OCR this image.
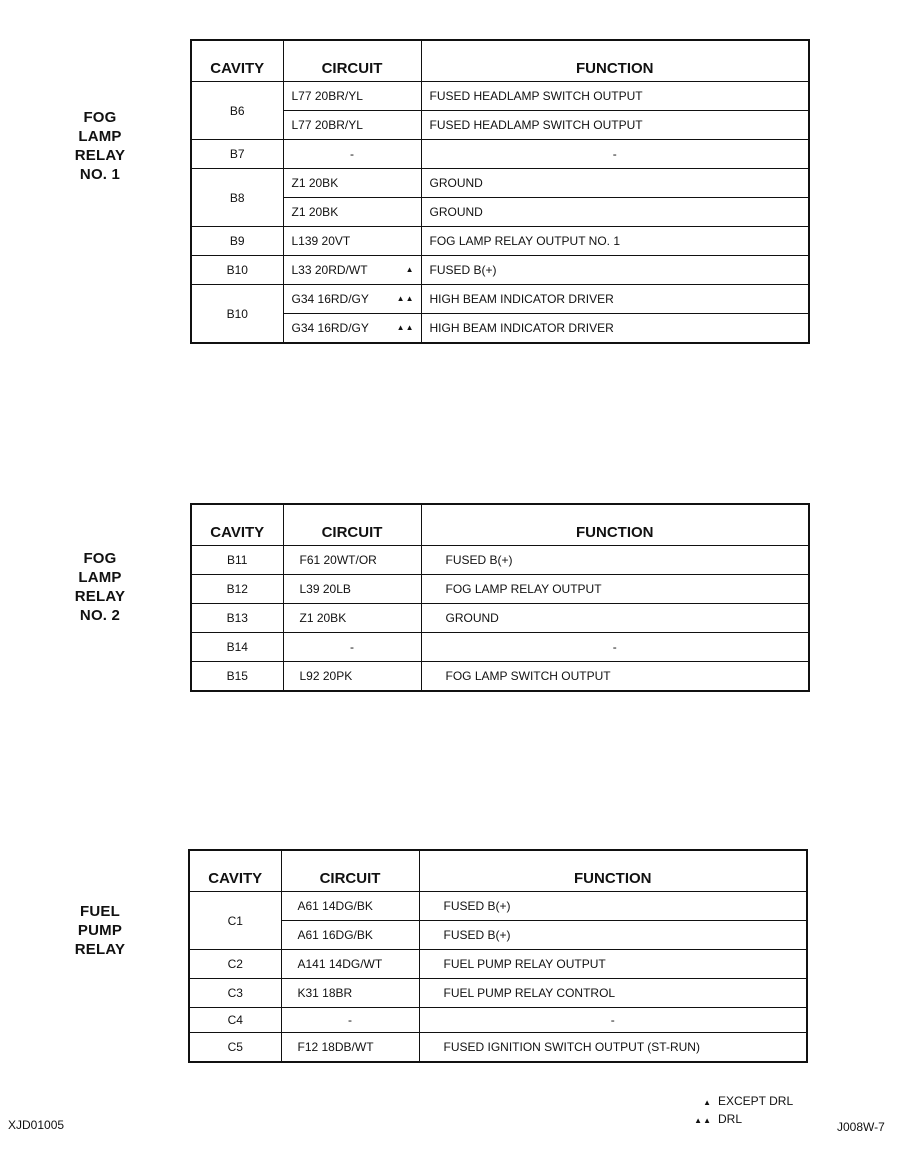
FOG
LAMP
RELAY
NO. 1
CAVITY	CIRCUIT	FUNCTION
B6	L77 20BR/YL	FUSED HEADLAMP SWITCH OUTPUT
	L77 20BR/YL	FUSED HEADLAMP SWITCH OUTPUT
B7	-	-
B8	Z1 20BK	GROUND
	Z1 20BK	GROUND
B9	L139 20VT	FOG LAMP RELAY OUTPUT NO. 1
B10	L33 20RD/WT ▲	FUSED B(+)
B10	G34 16RD/GY ▲▲	HIGH BEAM INDICATOR DRIVER
	G34 16RD/GY ▲▲	HIGH BEAM INDICATOR DRIVER
FOG
LAMP
RELAY
NO. 2
CAVITY	CIRCUIT	FUNCTION
B11	F61 20WT/OR	FUSED B(+)
B12	L39 20LB	FOG LAMP RELAY OUTPUT
B13	Z1 20BK	GROUND
B14	-	-
B15	L92 20PK	FOG LAMP SWITCH OUTPUT
FUEL
PUMP
RELAY
CAVITY	CIRCUIT	FUNCTION
C1	A61 14DG/BK	FUSED B(+)
	A61 16DG/BK	FUSED B(+)
C2	A141 14DG/WT	FUEL PUMP RELAY OUTPUT
C3	K31 18BR	FUEL PUMP RELAY CONTROL
C4	-	-
C5	F12 18DB/WT	FUSED IGNITION SWITCH OUTPUT (ST-RUN)
▲ EXCEPT DRL
▲▲ DRL
XJD01005	J008W-7
